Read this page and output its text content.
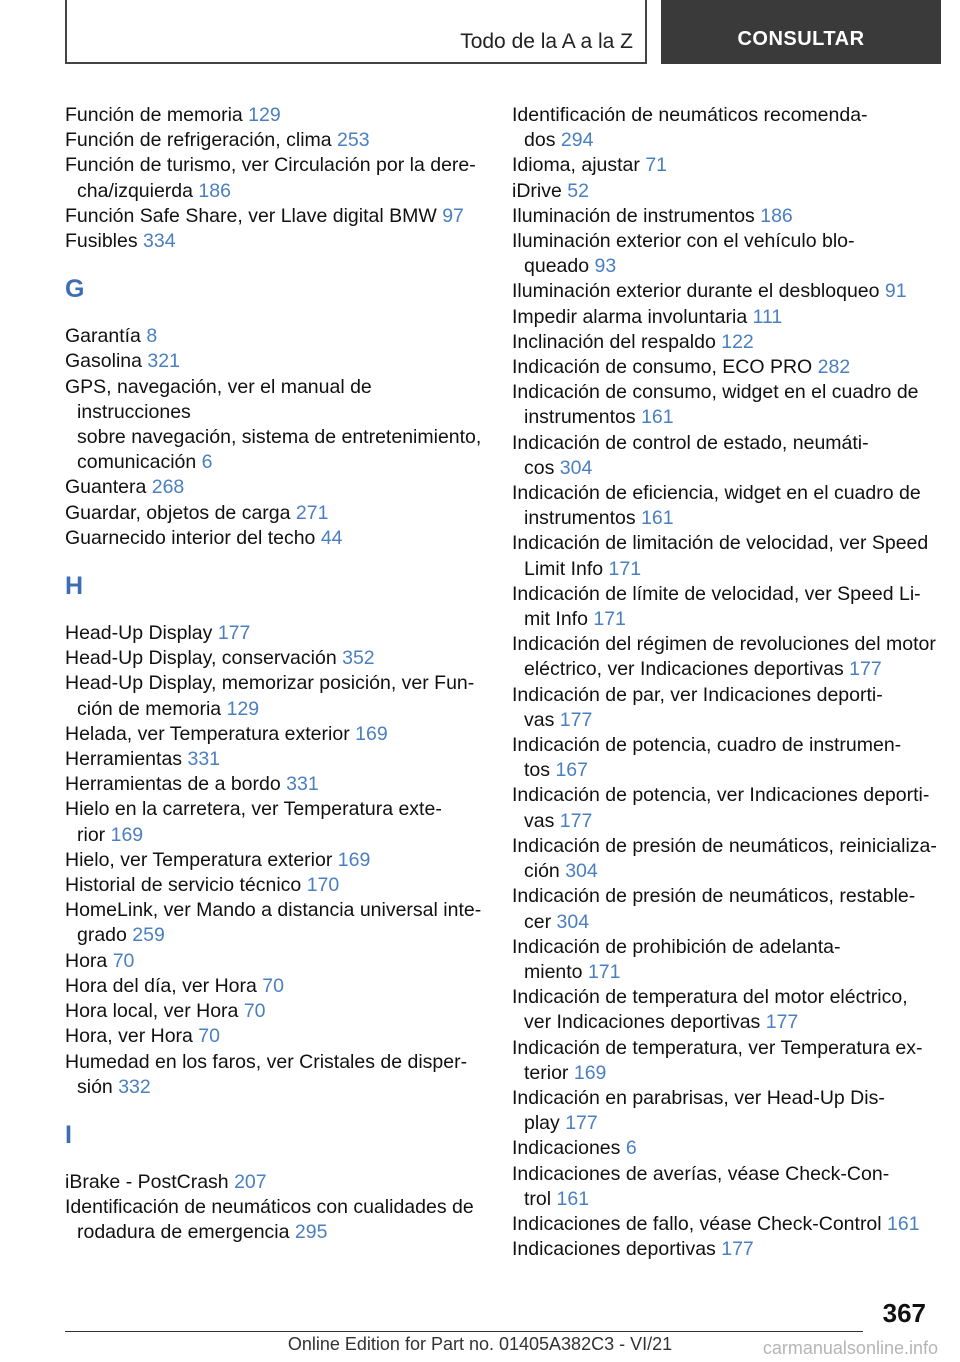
Todo de la A a la Z	CONSULTAR
Función de memoria 129
Función de refrigeración, clima 253
Función de turismo, ver Circulación por la dere-
cha/izquierda 186
Función Safe Share, ver Llave digital BMW 97
Fusibles 334
G
Garantía 8
Gasolina 321
GPS, navegación, ver el manual de instrucciones
sobre navegación, sistema de entretenimiento,
comunicación 6
Guantera 268
Guardar, objetos de carga 271
Guarnecido interior del techo 44
H
Head-Up Display 177
Head-Up Display, conservación 352
Head-Up Display, memorizar posición, ver Fun-
ción de memoria 129
Helada, ver Temperatura exterior 169
Herramientas 331
Herramientas de a bordo 331
Hielo en la carretera, ver Temperatura exte-
rior 169
Hielo, ver Temperatura exterior 169
Historial de servicio técnico 170
HomeLink, ver Mando a distancia universal inte-
grado 259
Hora 70
Hora del día, ver Hora 70
Hora local, ver Hora 70
Hora, ver Hora 70
Humedad en los faros, ver Cristales de disper-
sión 332
I
iBrake - PostCrash 207
Identificación de neumáticos con cualidades de
rodadura de emergencia 295
Identificación de neumáticos recomenda-
dos 294
Idioma, ajustar 71
iDrive 52
Iluminación de instrumentos 186
Iluminación exterior con el vehículo blo-
queado 93
Iluminación exterior durante el desbloqueo 91
Impedir alarma involuntaria 111
Inclinación del respaldo 122
Indicación de consumo, ECO PRO 282
Indicación de consumo, widget en el cuadro de
instrumentos 161
Indicación de control de estado, neumáti-
cos 304
Indicación de eficiencia, widget en el cuadro de
instrumentos 161
Indicación de limitación de velocidad, ver Speed
Limit Info 171
Indicación de límite de velocidad, ver Speed Li-
mit Info 171
Indicación del régimen de revoluciones del motor
eléctrico, ver Indicaciones deportivas 177
Indicación de par, ver Indicaciones deporti-
vas 177
Indicación de potencia, cuadro de instrumen-
tos 167
Indicación de potencia, ver Indicaciones deporti-
vas 177
Indicación de presión de neumáticos, reinicializa-
ción 304
Indicación de presión de neumáticos, restable-
cer 304
Indicación de prohibición de adelanta-
miento 171
Indicación de temperatura del motor eléctrico,
ver Indicaciones deportivas 177
Indicación de temperatura, ver Temperatura ex-
terior 169
Indicación en parabrisas, ver Head-Up Dis-
play 177
Indicaciones 6
Indicaciones de averías, véase Check-Con-
trol 161
Indicaciones de fallo, véase Check-Control 161
Indicaciones deportivas 177
367
Online Edition for Part no. 01405A382C3 - VI/21	carmanualsonline.info
